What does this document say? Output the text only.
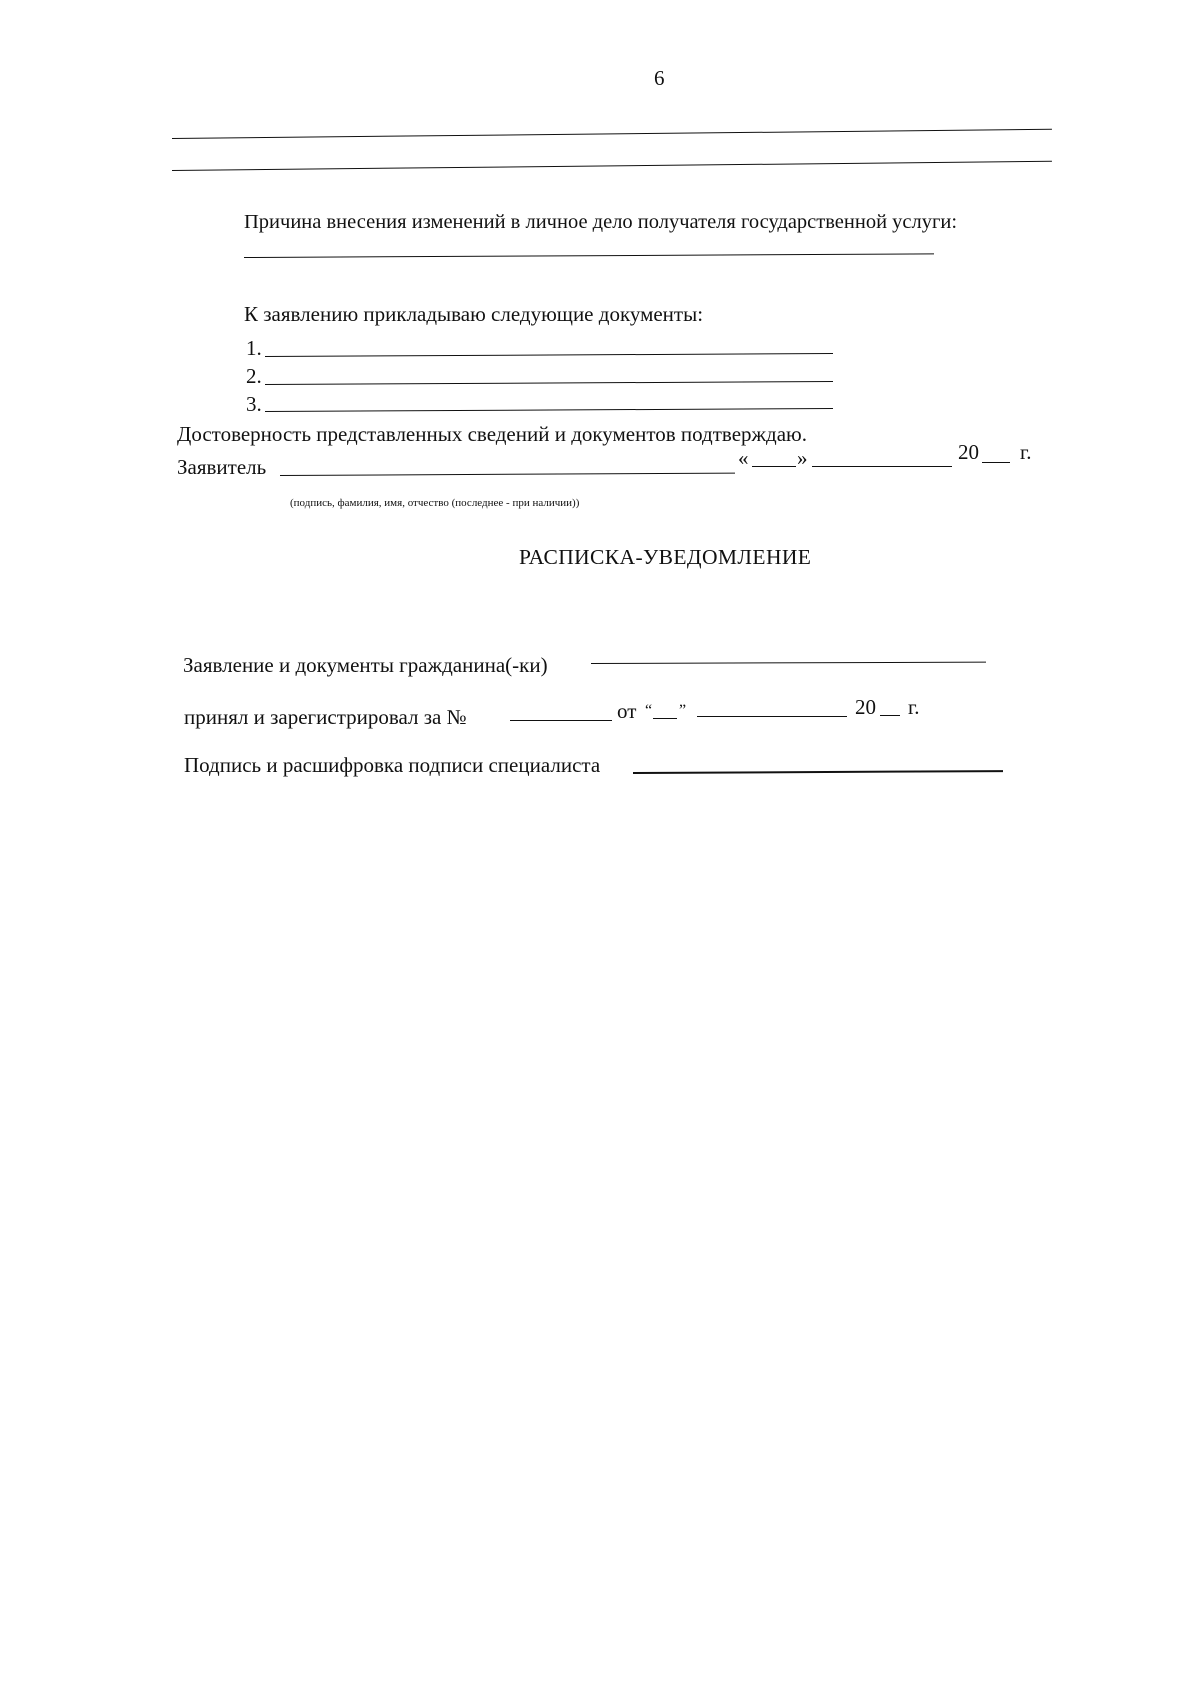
6
Причина внесения изменений в личное дело получателя государственной услуги:
К заявлению прикладываю следующие документы:
1.
2.
3.
Достоверность представленных сведений и документов подтверждаю.
Заявитель	« »	20 г.
(подпись, фамилия, имя, отчество (последнее - при наличии))
РАСПИСКА-УВЕДОМЛЕНИЕ
Заявление и документы гражданина(-ки)
принял и зарегистрировал за №	от “ ”	20 г.
Подпись и расшифровка подписи специалиста
